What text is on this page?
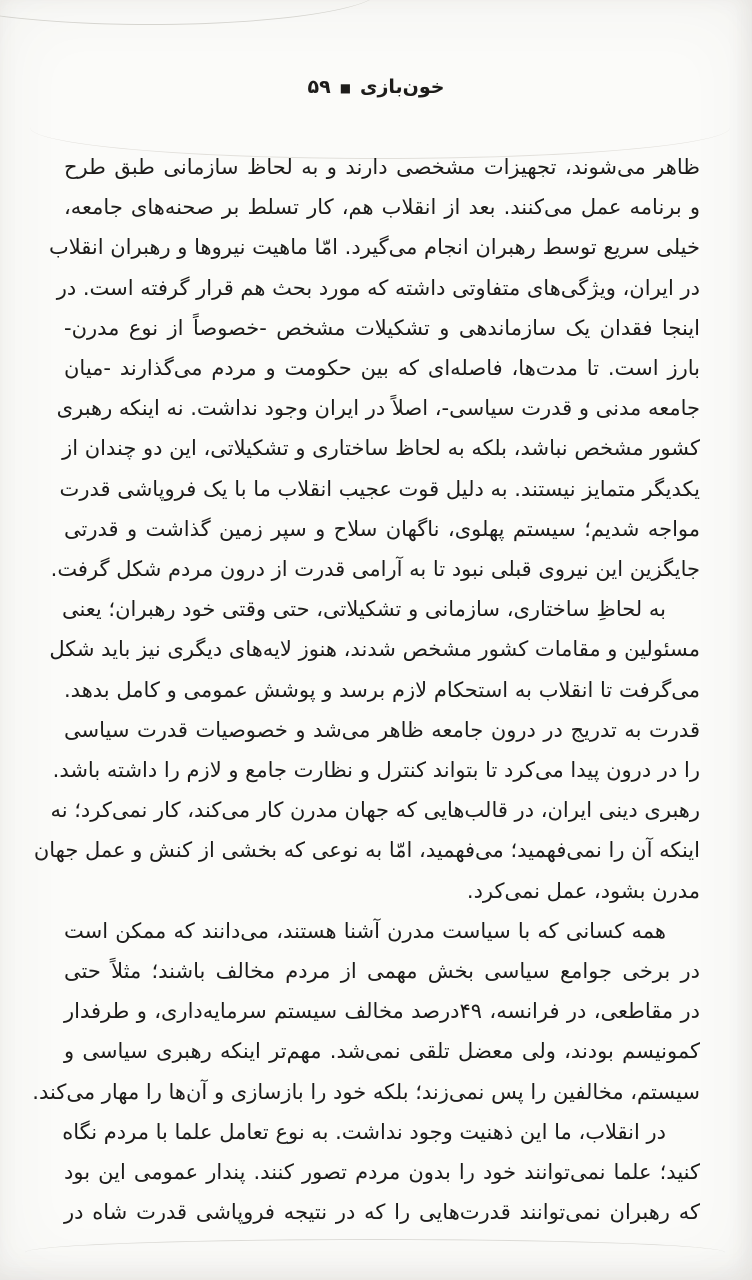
خون‌بازی
■
۵۹
ظاهر می‌شوند، تجهیزات مشخصی دارند و به لحاظ سازمانی طبق طرح
و برنامه عمل می‌کنند. بعد از انقلاب هم، کار تسلط بر صحنه‌های جامعه،
خیلی سریع توسط رهبران انجام می‌گیرد. امّا ماهیت نیروها و رهبران انقلاب
در ایران، ویژگی‌های متفاوتی داشته که مورد بحث هم قرار گرفته است. در
اینجا فقدان یک سازماندهی و تشکیلات مشخص -خصوصاً از نوع مدرن-
بارز است. تا مدت‌ها، فاصله‌ای که بین حکومت و مردم می‌گذارند -میان
جامعه مدنی و قدرت سیاسی-، اصلاً در ایران وجود نداشت. نه اینکه رهبری
کشور مشخص نباشد، بلکه به لحاظ ساختاری و تشکیلاتی، این دو چندان از
یکدیگر متمایز نیستند. به دلیل قوت عجیب انقلاب ما با یک فروپاشی قدرت
مواجه شدیم؛ سیستم پهلوی، ناگهان سلاح و سپر زمین گذاشت و قدرتی
جایگزین این نیروی قبلی نبود تا به آرامی قدرت از درون مردم شکل گرفت.
به لحاظِ ساختاری، سازمانی و تشکیلاتی، حتی وقتی خود رهبران؛ یعنی
مسئولین و مقامات کشور مشخص شدند، هنوز لایه‌های دیگری نیز باید شکل
می‌گرفت تا انقلاب به استحکام لازم برسد و پوشش عمومی و کامل بدهد.
قدرت به تدریج در درون جامعه ظاهر می‌شد و خصوصیات قدرت سیاسی
را در درون پیدا می‌کرد تا بتواند کنترل و نظارت جامع و لازم را داشته باشد.
رهبری دینی ایران، در قالب‌هایی که جهان مدرن کار می‌کند، کار نمی‌کرد؛ نه
اینکه آن را نمی‌فهمید؛ می‌فهمید، امّا به نوعی که بخشی از کنش و عمل جهان
مدرن بشود، عمل نمی‌کرد.
همه کسانی که با سیاست مدرن آشنا هستند، می‌دانند که ممکن است
در برخی جوامع سیاسی بخش مهمی از مردم مخالف باشند؛ مثلاً حتی
در مقاطعی، در فرانسه، ۴۹درصد مخالف سیستم سرمایه‌داری، و طرفدار
کمونیسم بودند، ولی معضل تلقی نمی‌شد. مهم‌تر اینکه رهبری سیاسی و
سیستم، مخالفین را پس نمی‌زند؛ بلکه خود را بازسازی و آن‌ها را مهار می‌کند.
در انقلاب، ما این ذهنیت وجود نداشت. به نوع تعامل علما با مردم نگاه
کنید؛ علما نمی‌توانند خود را بدون مردم تصور کنند. پندار عمومی این بود
که رهبران نمی‌توانند قدرت‌هایی را که در نتیجه فروپاشی قدرت شاه در
